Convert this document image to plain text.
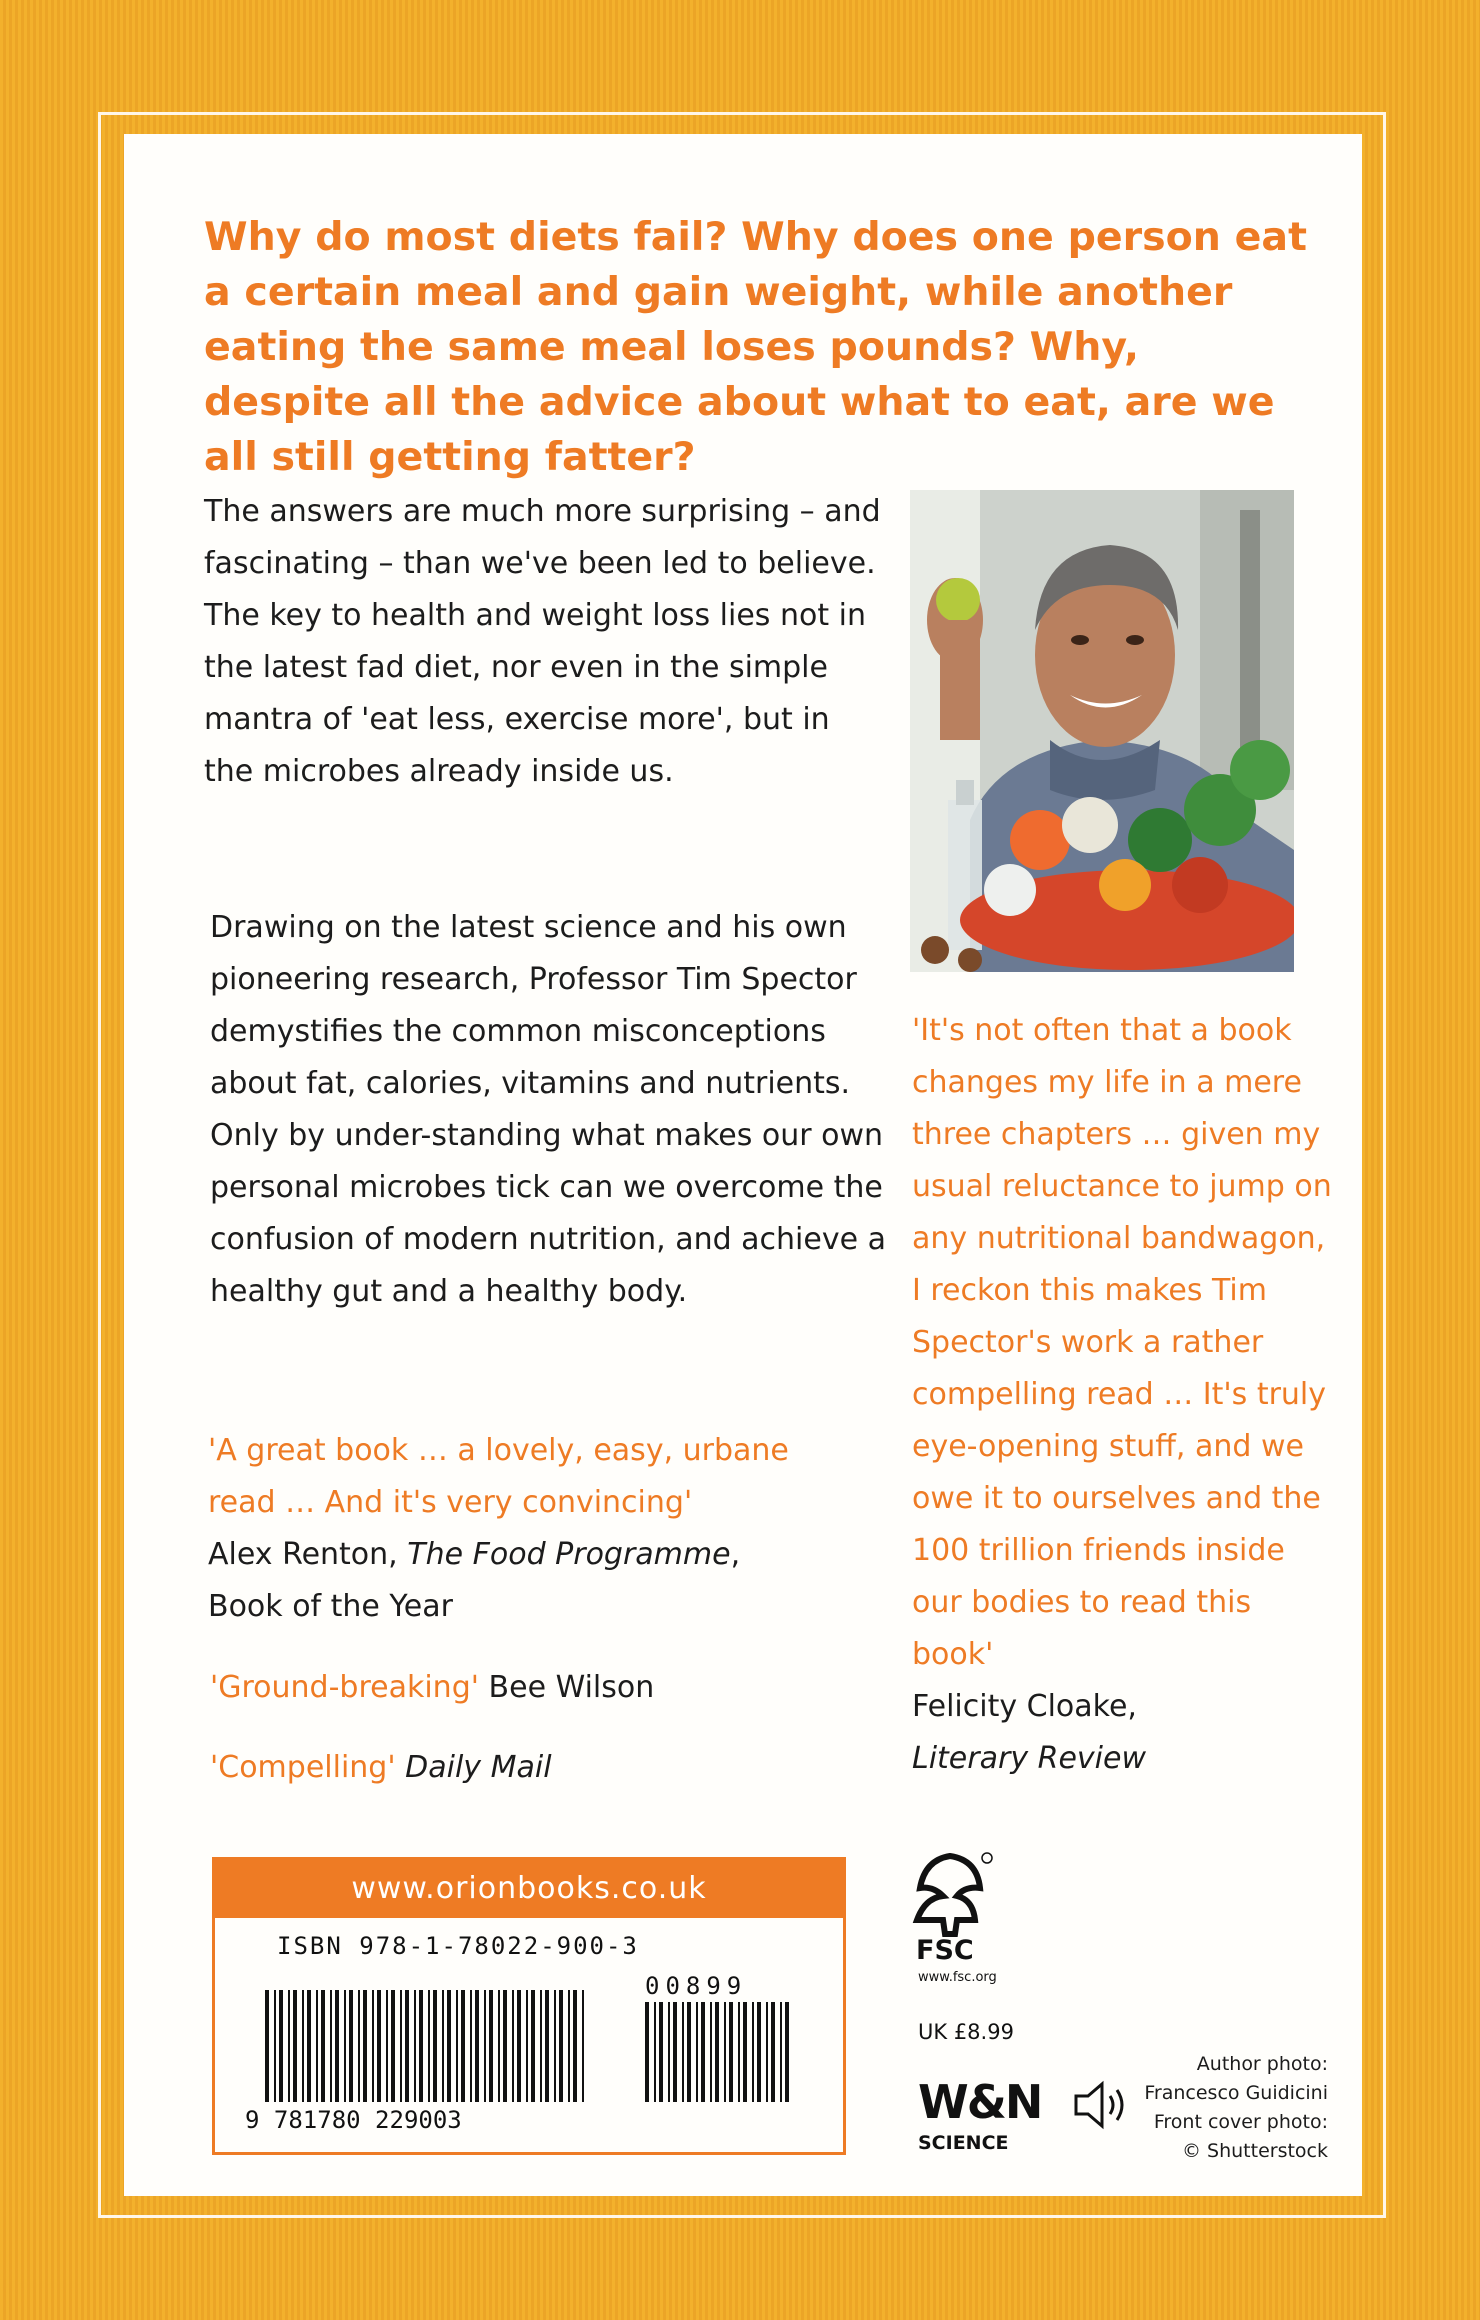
Why do most diets fail? Why does one person eat a certain meal and gain weight, while another eating the same meal loses pounds? Why, despite all the advice about what to eat, are we all still getting fatter?

The answers are much more surprising – and fascinating – than we've been led to believe. The key to health and weight loss lies not in the latest fad diet, nor even in the simple mantra of 'eat less, exercise more', but in the microbes already inside us.

Drawing on the latest science and his own pioneering research, Professor Tim Spector demystifies the common misconceptions about fat, calories, vitamins and nutrients. Only by under-standing what makes our own personal microbes tick can we overcome the confusion of modern nutrition, and achieve a healthy gut and a healthy body.

'It's not often that a book changes my life in a mere three chapters … given my usual reluctance to jump on any nutritional bandwagon, I reckon this makes Tim Spector's work a rather compelling read … It's truly eye-opening stuff, and we owe it to ourselves and the 100 trillion friends inside our bodies to read this book'
Felicity Cloake,
Literary Review
'A great book … a lovely, easy, urbane read … And it's very convincing'
Alex Renton, The Food Programme,
Book of the Year
'Ground-breaking' Bee Wilson
'Compelling' Daily Mail
www.orionbooks.co.uk
ISBN 978-1-78022-900-3
9 781780 229003
00899
FSC
www.fsc.org
UK £8.99
W&N
SCIENCE
Author photo:
Francesco Guidicini
Front cover photo:
© Shutterstock
